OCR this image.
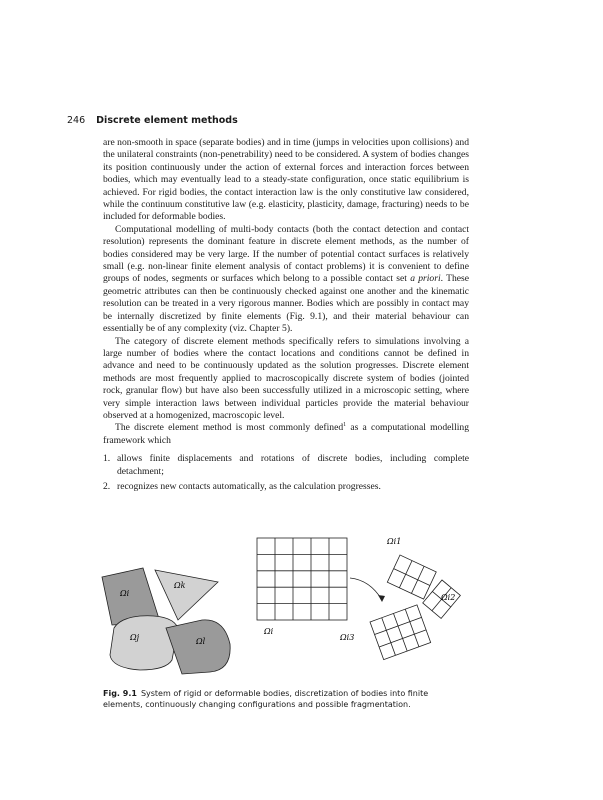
246 Discrete element methods

are non-smooth in space (separate bodies) and in time (jumps in velocities upon collisions) and the unilateral constraints (non-penetrability) need to be considered. A system of bodies changes its position continuously under the action of external forces and interaction forces between bodies, which may eventually lead to a steady-state configuration, once static equilibrium is achieved. For rigid bodies, the contact interaction law is the only constitutive law considered, while the continuum constitutive law (e.g. elasticity, plasticity, damage, fracturing) needs to be included for deformable bodies.

Computational modelling of multi-body contacts (both the contact detection and contact resolution) represents the dominant feature in discrete element methods, as the number of bodies considered may be very large. If the number of potential contact surfaces is relatively small (e.g. non-linear finite element analysis of contact problems) it is convenient to define groups of nodes, segments or surfaces which belong to a possible contact set a priori. These geometric attributes can then be continuously checked against one another and the kinematic resolution can be treated in a very rigorous manner. Bodies which are possibly in contact may be internally discretized by finite elements (Fig. 9.1), and their material behaviour can essentially be of any complexity (viz. Chapter 5).

The category of discrete element methods specifically refers to simulations involving a large number of bodies where the contact locations and conditions cannot be defined in advance and need to be continuously updated as the solution progresses. Discrete element methods are most frequently applied to macroscopically discrete system of bodies (jointed rock, granular flow) but have also been successfully utilized in a microscopic setting, where very simple interaction laws between individual particles provide the material behaviour observed at a homogenized, macroscopic level.

The discrete element method is most commonly defined$^1$ as a computational modelling framework which

1. allows finite displacements and rotations of discrete bodies, including complete detachment;
2. recognizes new contacts automatically, as the calculation progresses.
Ωi
Ωk
Ωj	Ωl
Ωi
Ωi1
Ωi2
Ωi3
Fig. 9.1 System of rigid or deformable bodies, discretization of bodies into finite elements, continuously changing configurations and possible fragmentation.
